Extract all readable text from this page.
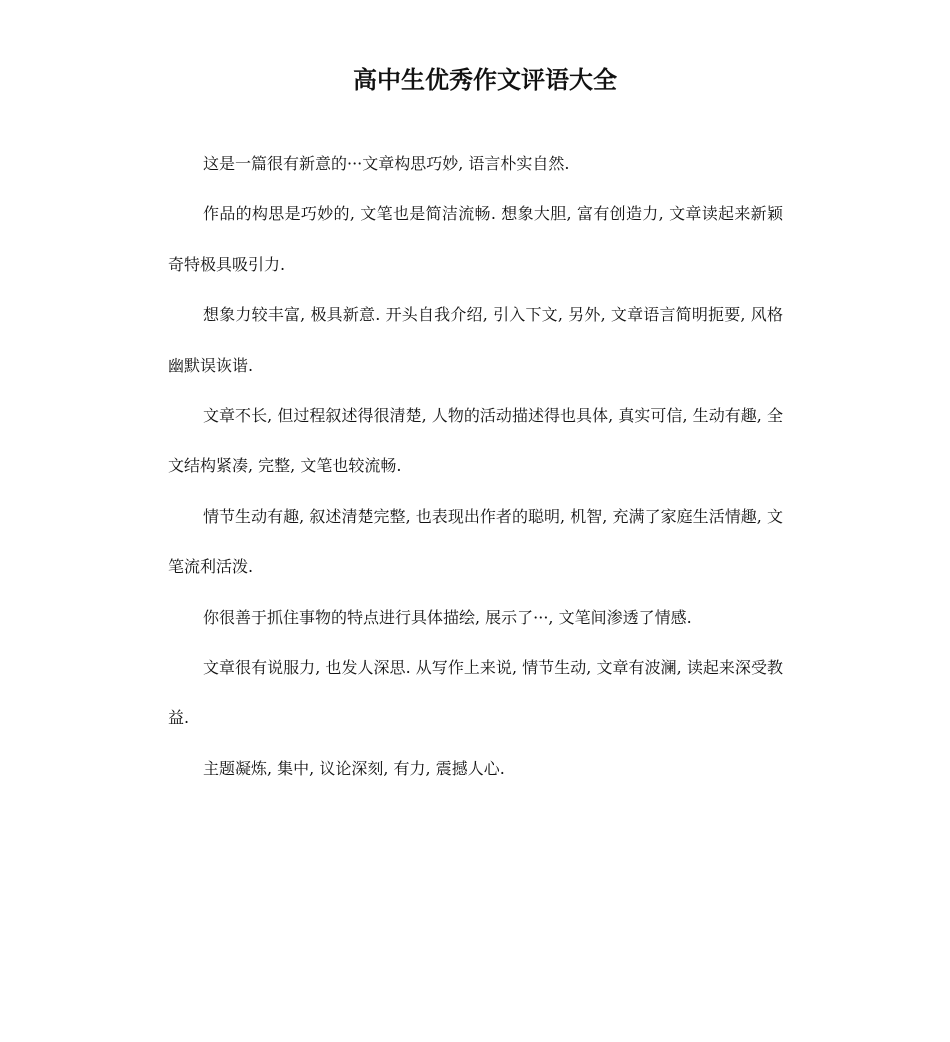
高中生优秀作文评语大全

这是一篇很有新意的···文章构思巧妙, 语言朴实自然.

作品的构思是巧妙的, 文笔也是简洁流畅. 想象大胆, 富有创造力, 文章读起来新颖奇特极具吸引力.

想象力较丰富, 极具新意. 开头自我介绍, 引入下文, 另外, 文章语言简明扼要, 风格幽默误诙谐.

文章不长, 但过程叙述得很清楚, 人物的活动描述得也具体, 真实可信, 生动有趣, 全文结构紧凑, 完整, 文笔也较流畅.

情节生动有趣, 叙述清楚完整, 也表现出作者的聪明, 机智, 充满了家庭生活情趣, 文笔流利活泼.

你很善于抓住事物的特点进行具体描绘, 展示了···, 文笔间渗透了情感.

文章很有说服力, 也发人深思. 从写作上来说, 情节生动, 文章有波澜, 读起来深受教益.

主题凝炼, 集中, 议论深刻, 有力, 震撼人心.
